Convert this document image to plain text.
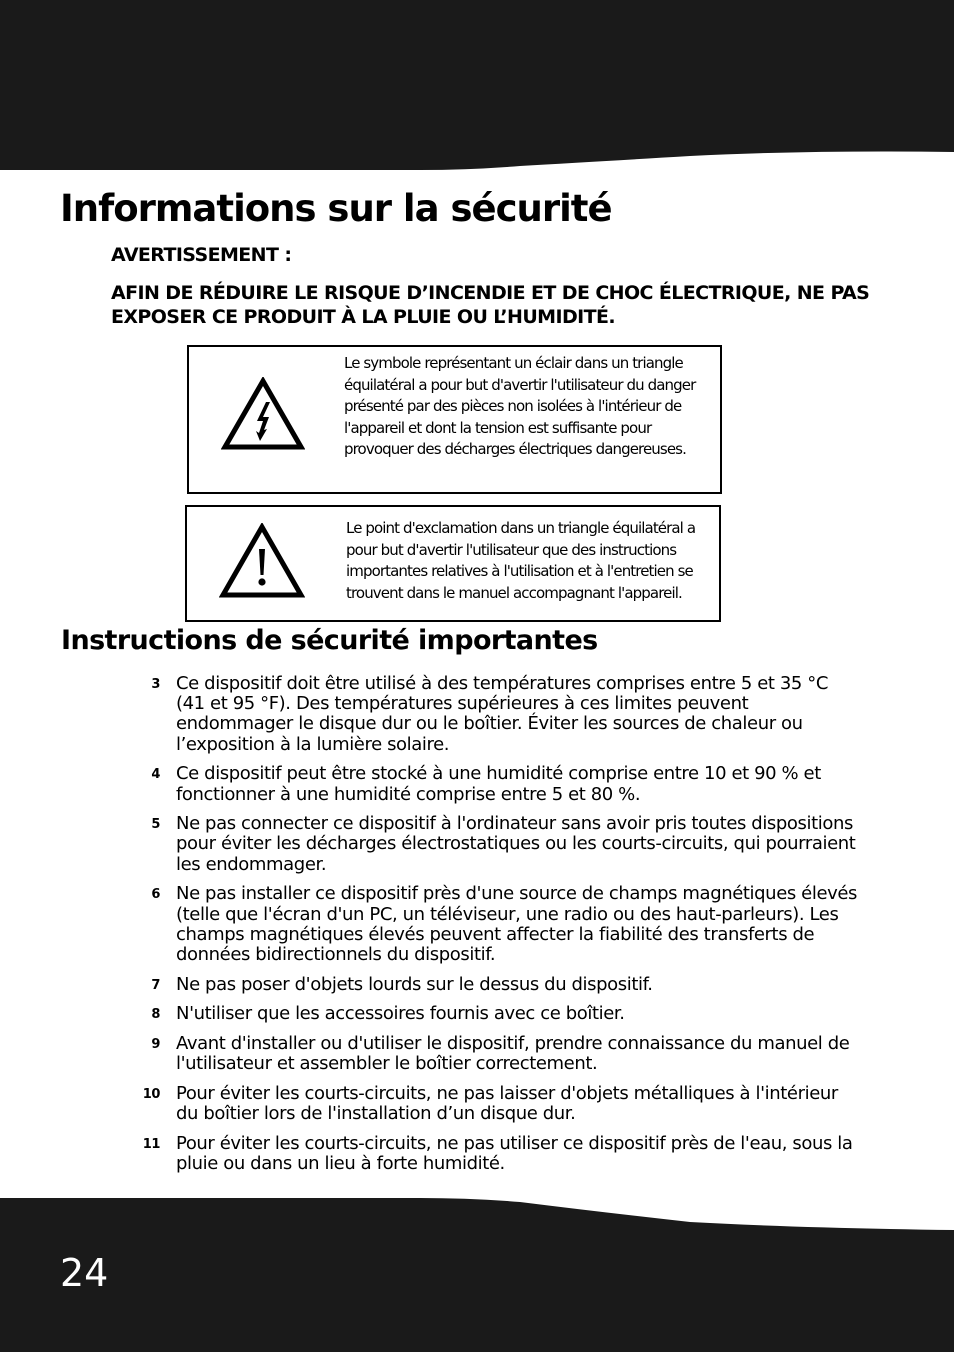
Informations sur la sécurité

AVERTISSEMENT :

AFIN DE RÉDUIRE LE RISQUE D’INCENDIE ET DE CHOC ÉLECTRIQUE, NE PAS EXPOSER CE PRODUIT À LA PLUIE OU L’HUMIDITÉ.

Le symbole représentant un éclair dans un triangle équilatéral a pour but d'avertir l'utilisateur du danger présenté par des pièces non isolées à l'intérieur de l'appareil et dont la tension est suffisante pour provoquer des décharges électriques dangereuses.

Le point d'exclamation dans un triangle équilatéral a pour but d'avertir l'utilisateur que des instructions importantes relatives à l'utilisation et à l'entretien se trouvent dans le manuel accompagnant l'appareil.

Instructions de sécurité importantes
3 Ce dispositif doit être utilisé à des températures comprises entre 5 et 35 °C (41 et 95 °F). Des températures supérieures à ces limites peuvent endommager le disque dur ou le boîtier. Éviter les sources de chaleur ou l’exposition à la lumière solaire.
4 Ce dispositif peut être stocké à une humidité comprise entre 10 et 90 % et fonctionner à une humidité comprise entre 5 et 80 %.
5 Ne pas connecter ce dispositif à l'ordinateur sans avoir pris toutes dispositions pour éviter les décharges électrostatiques ou les courts-circuits, qui pourraient les endommager.
6 Ne pas installer ce dispositif près d'une source de champs magnétiques élevés (telle que l'écran d'un PC, un téléviseur, une radio ou des haut-parleurs). Les champs magnétiques élevés peuvent affecter la fiabilité des transferts de données bidirectionnels du dispositif.
7 Ne pas poser d'objets lourds sur le dessus du dispositif.
8 N'utiliser que les accessoires fournis avec ce boîtier.
9 Avant d'installer ou d'utiliser le dispositif, prendre connaissance du manuel de l'utilisateur et assembler le boîtier correctement.
10 Pour éviter les courts-circuits, ne pas laisser d'objets métalliques à l'intérieur du boîtier lors de l'installation d’un disque dur.
11 Pour éviter les courts-circuits, ne pas utiliser ce dispositif près de l'eau, sous la pluie ou dans un lieu à forte humidité.

24
